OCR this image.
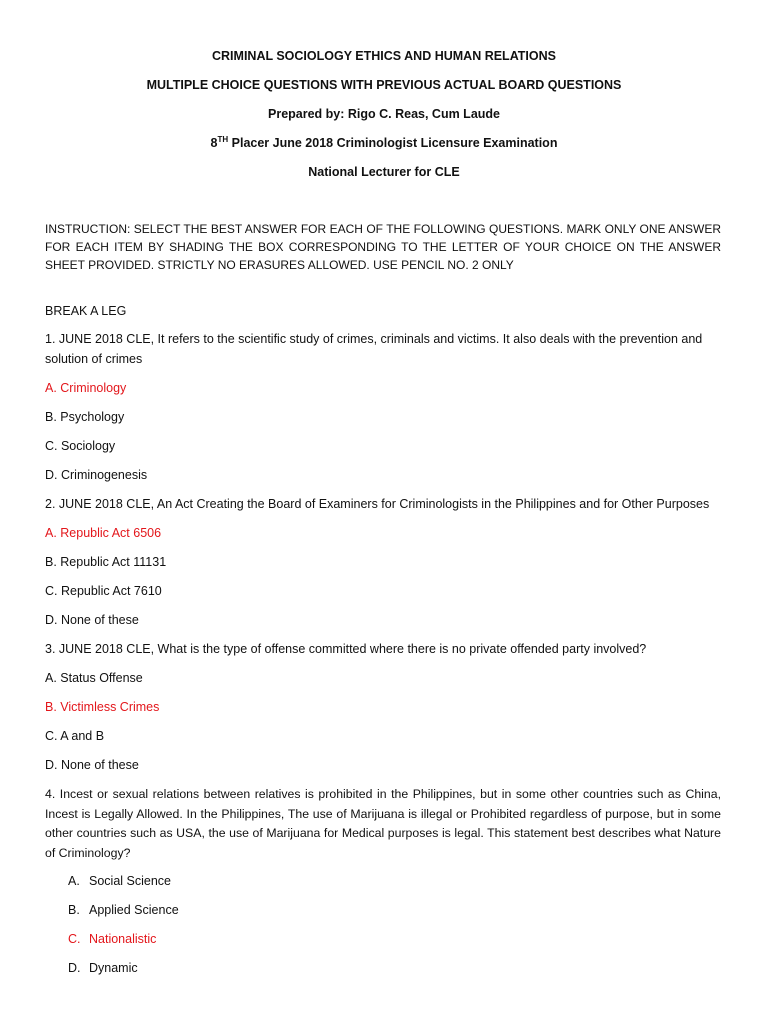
CRIMINAL SOCIOLOGY ETHICS AND HUMAN RELATIONS
MULTIPLE CHOICE QUESTIONS WITH PREVIOUS ACTUAL BOARD QUESTIONS
Prepared by: Rigo C. Reas, Cum Laude
8TH Placer June 2018 Criminologist Licensure Examination
National Lecturer for CLE
INSTRUCTION: SELECT THE BEST ANSWER FOR EACH OF THE FOLLOWING QUESTIONS. MARK ONLY ONE ANSWER FOR EACH ITEM BY SHADING THE BOX CORRESPONDING TO THE LETTER OF YOUR CHOICE ON THE ANSWER SHEET PROVIDED. STRICTLY NO ERASURES ALLOWED. USE PENCIL NO. 2 ONLY
BREAK A LEG
1. JUNE 2018 CLE, It refers to the scientific study of crimes, criminals and victims. It also deals with the prevention and solution of crimes
A. Criminology
B. Psychology
C. Sociology
D. Criminogenesis
2. JUNE 2018 CLE, An Act Creating the Board of Examiners for Criminologists in the Philippines and for Other Purposes
A. Republic Act 6506
B. Republic Act 11131
C. Republic Act 7610
D. None of these
3. JUNE 2018 CLE, What is the type of offense committed where there is no private offended party involved?
A. Status Offense
B. Victimless Crimes
C. A and B
D. None of these
4. Incest or sexual relations between relatives is prohibited in the Philippines, but in some other countries such as China, Incest is Legally Allowed. In the Philippines, The use of Marijuana is illegal or Prohibited regardless of purpose, but in some other countries such as USA, the use of Marijuana for Medical purposes is legal. This statement best describes what Nature of Criminology?
A. Social Science
B. Applied Science
C. Nationalistic
D. Dynamic
